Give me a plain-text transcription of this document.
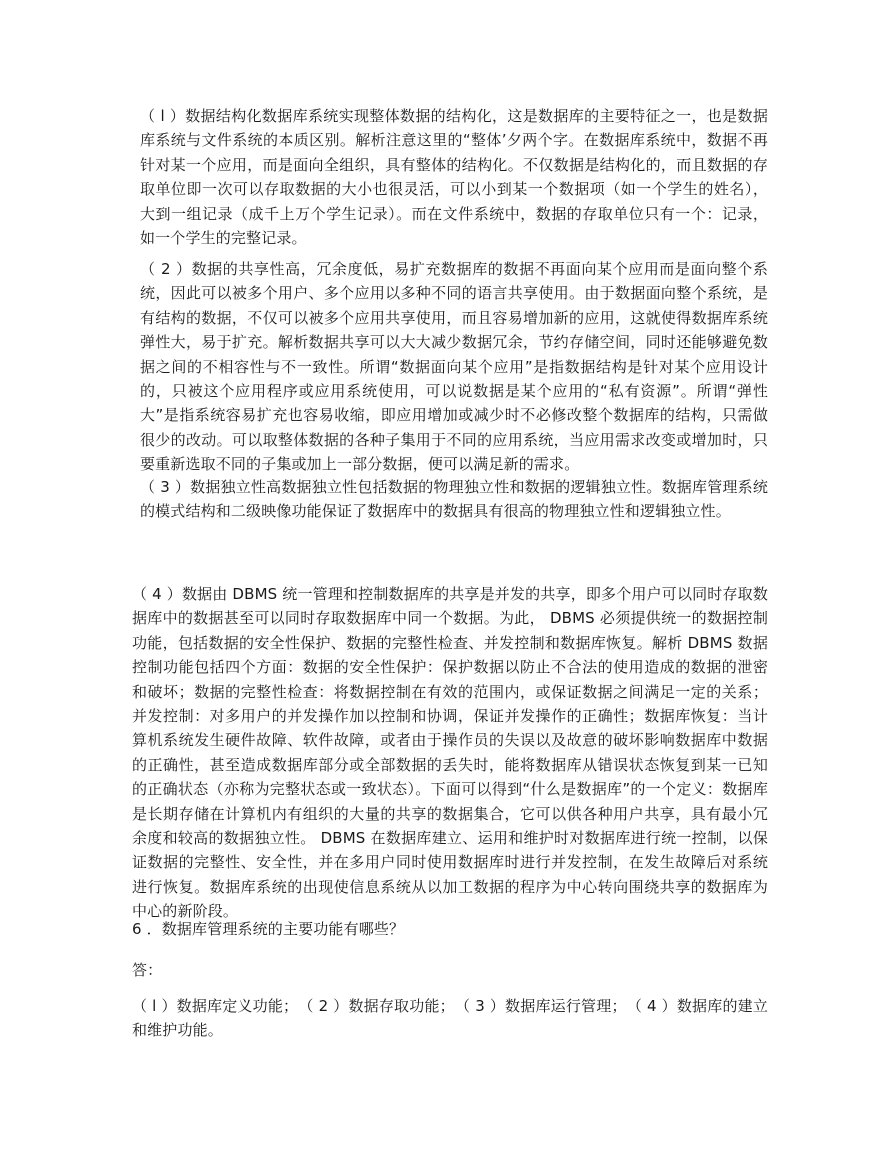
（ l ）数据结构化数据库系统实现整体数据的结构化，这是数据库的主要特征之一，也是数据库系统与文件系统的本质区别。解析注意这里的“整体’夕两个字。在数据库系统中，数据不再针对某一个应用，而是面向全组织，具有整体的结构化。不仅数据是结构化的，而且数据的存取单位即一次可以存取数据的大小也很灵活，可以小到某一个数据项（如一个学生的姓名），大到一组记录（成千上万个学生记录）。而在文件系统中，数据的存取单位只有一个：记录，如一个学生的完整记录。

（ 2 ）数据的共享性高，冗余度低，易扩充数据库的数据不再面向某个应用而是面向整个系统，因此可以被多个用户、多个应用以多种不同的语言共享使用。由于数据面向整个系统，是有结构的数据，不仅可以被多个应用共享使用，而且容易增加新的应用，这就使得数据库系统弹性大，易于扩充。解析数据共享可以大大减少数据冗余，节约存储空间，同时还能够避免数据之间的不相容性与不一致性。所谓“数据面向某个应用”是指数据结构是针对某个应用设计的，只被这个应用程序或应用系统使用，可以说数据是某个应用的“私有资源”。所谓“弹性大”是指系统容易扩充也容易收缩，即应用增加或减少时不必修改整个数据库的结构，只需做很少的改动。可以取整体数据的各种子集用于不同的应用系统，当应用需求改变或增加时，只要重新选取不同的子集或加上一部分数据，便可以满足新的需求。

（ 3 ）数据独立性高数据独立性包括数据的物理独立性和数据的逻辑独立性。数据库管理系统的模式结构和二级映像功能保证了数据库中的数据具有很高的物理独立性和逻辑独立性。

（ 4 ）数据由 DBMS 统一管理和控制数据库的共享是并发的共享，即多个用户可以同时存取数据库中的数据甚至可以同时存取数据库中同一个数据。为此， DBMS 必须提供统一的数据控制功能，包括数据的安全性保护、数据的完整性检查、并发控制和数据库恢复。解析 DBMS 数据控制功能包括四个方面：数据的安全性保护：保护数据以防止不合法的使用造成的数据的泄密和破坏；数据的完整性检查：将数据控制在有效的范围内，或保证数据之间满足一定的关系；并发控制：对多用户的并发操作加以控制和协调，保证并发操作的正确性；数据库恢复：当计算机系统发生硬件故障、软件故障，或者由于操作员的失误以及故意的破坏影响数据库中数据的正确性，甚至造成数据库部分或全部数据的丢失时，能将数据库从错误状态恢复到某一已知的正确状态（亦称为完整状态或一致状态）。下面可以得到“什么是数据库”的一个定义：数据库是长期存储在计算机内有组织的大量的共享的数据集合，它可以供各种用户共享，具有最小冗余度和较高的数据独立性。 DBMS 在数据库建立、运用和维护时对数据库进行统一控制，以保证数据的完整性、安全性，并在多用户同时使用数据库时进行并发控制，在发生故障后对系统进行恢复。数据库系统的出现使信息系统从以加工数据的程序为中心转向围绕共享的数据库为中心的新阶段。

6 ．数据库管理系统的主要功能有哪些？

答：

（ l ）数据库定义功能；　（ 2 ）数据存取功能；　（ 3 ）数据库运行管理；　（ 4 ）数据库的建立和维护功能。
